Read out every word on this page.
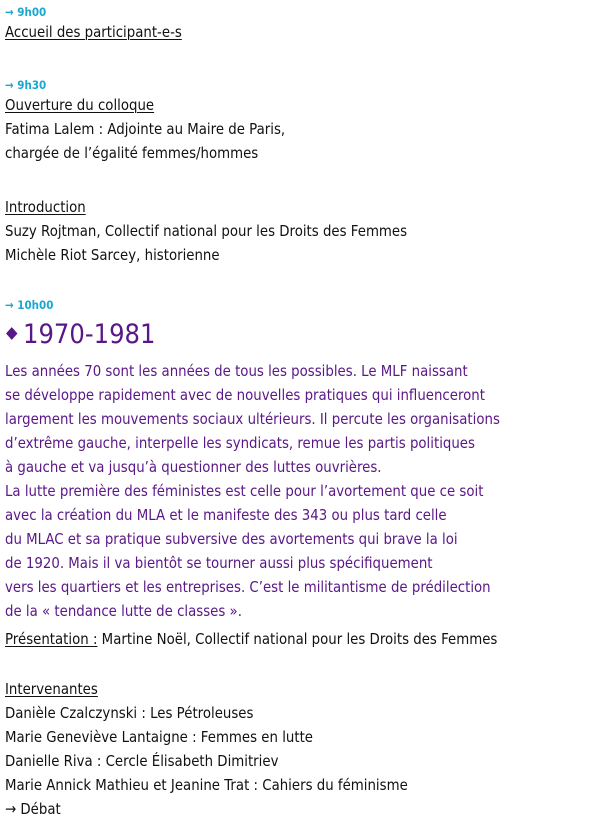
→ 9h00
Accueil des participant-e-s
→ 9h30
Ouverture du colloque
Fatima Lalem : Adjointe au Maire de Paris,
chargée de l’égalité femmes/hommes
Introduction
Suzy Rojtman, Collectif national pour les Droits des Femmes
Michèle Riot Sarcey, historienne
→ 10h00
1970-1981
Les années 70 sont les années de tous les possibles. Le MLF naissant
se développe rapidement avec de nouvelles pratiques qui influenceront
largement les mouvements sociaux ultérieurs. Il percute les organisations
d’extrême gauche, interpelle les syndicats, remue les partis politiques
à gauche et va jusqu’à questionner des luttes ouvrières.
La lutte première des féministes est celle pour l’avortement que ce soit
avec la création du MLA et le manifeste des 343 ou plus tard celle
du MLAC et sa pratique subversive des avortements qui brave la loi
de 1920. Mais il va bientôt se tourner aussi plus spécifiquement
vers les quartiers et les entreprises. C’est le militantisme de prédilection
de la « tendance lutte de classes ».
Présentation : Martine Noël, Collectif national pour les Droits des Femmes
Intervenantes
Danièle Czalczynski : Les Pétroleuses
Marie Geneviève Lantaigne : Femmes en lutte
Danielle Riva : Cercle Élisabeth Dimitriev
Marie Annick Mathieu et Jeanine Trat : Cahiers du féminisme
→ Débat
